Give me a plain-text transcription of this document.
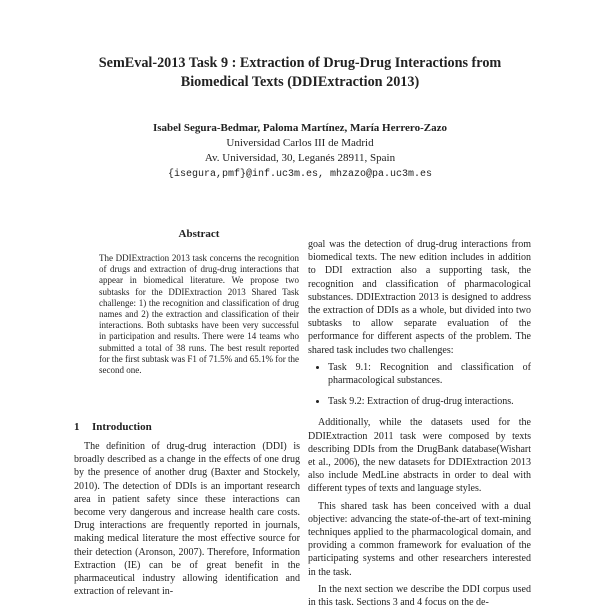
SemEval-2013 Task 9 : Extraction of Drug-Drug Interactions from
Biomedical Texts (DDIExtraction 2013)
Isabel Segura-Bedmar, Paloma Martínez, María Herrero-Zazo
Universidad Carlos III de Madrid
Av. Universidad, 30, Leganés 28911, Spain
{isegura,pmf}@inf.uc3m.es, mhzazo@pa.uc3m.es
Abstract
The DDIExtraction 2013 task concerns the recognition of drugs and extraction of drug-drug interactions that appear in biomedical literature. We propose two subtasks for the DDIExtraction 2013 Shared Task challenge: 1) the recognition and classification of drug names and 2) the extraction and classification of their interactions. Both subtasks have been very successful in participation and results. There were 14 teams who submitted a total of 38 runs. The best result reported for the first subtask was F1 of 71.5% and 65.1% for the second one.
1 Introduction

The definition of drug-drug interaction (DDI) is broadly described as a change in the effects of one drug by the presence of another drug (Baxter and Stockely, 2010). The detection of DDIs is an important research area in patient safety since these interactions can become very dangerous and increase health care costs. Drug interactions are frequently reported in journals, making medical literature the most effective source for their detection (Aronson, 2007). Therefore, Information Extraction (IE) can be of great benefit in the pharmaceutical industry allowing identification and extraction of relevant in-

goal was the detection of drug-drug interactions from biomedical texts. The new edition includes in addition to DDI extraction also a supporting task, the recognition and classification of pharmacological substances. DDIExtraction 2013 is designed to address the extraction of DDIs as a whole, but divided into two subtasks to allow separate evaluation of the performance for different aspects of the problem. The shared task includes two challenges:

• Task 9.1: Recognition and classification of pharmacological substances.
• Task 9.2: Extraction of drug-drug interactions.

Additionally, while the datasets used for the DDIExtraction 2011 task were composed by texts describing DDIs from the DrugBank database(Wishart et al., 2006), the new datasets for DDIExtraction 2013 also include MedLine abstracts in order to deal with different types of texts and language styles.

This shared task has been conceived with a dual objective: advancing the state-of-the-art of text-mining techniques applied to the pharmacological domain, and providing a common framework for evaluation of the participating systems and other researchers interested in the task.

In the next section we describe the DDI corpus used in this task. Sections 3 and 4 focus on the de-
